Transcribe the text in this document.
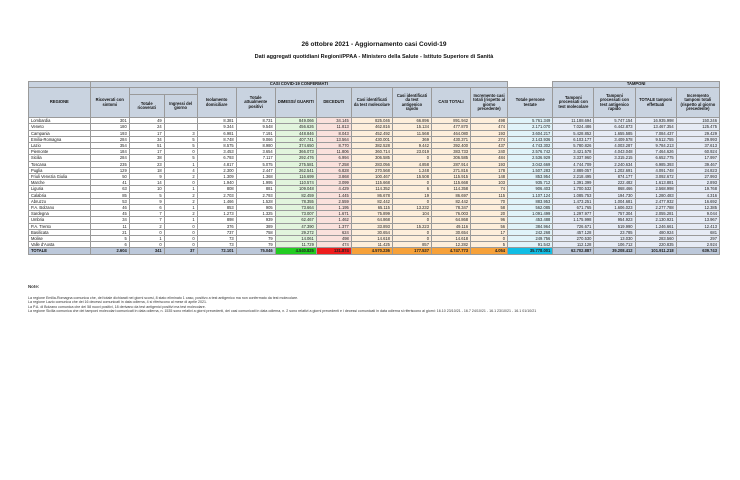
26 ottobre 2021 - Aggiornamento casi Covid-19
Dati aggregati quotidiani Regioni/PPAA - Ministero della Salute - Istituto Superiore di Sanità
	CASI COVID-19 CONFERMATI												TAMPONI			
REGIONE	Ricoverati con sintomi			Isolamento domiciliare	Totale attualmente positivi	DIMESSI/ GUARITI	DECEDUTI	Casi identificati da test molecolare	Casi identificati da test antigenico rapido	CASI TOTALI	Incremento casi totali (rispetto al giorno precedente)	Totale persone testate	Tamponi processati con test molecolare	Tamponi processati con test antigenico rapido	TOTALE tamponi effettuati	Incremento tamponi totali (rispetto al giorno precedente)
		Totale ricoverati	Ingressi del giorno													
Lombardia	301	49		8.381	8.731	849.066	34.145	825.046	66.896	891.942	498	5.761.349	11.188.694	5.747.154	16.935.998	150.246
Veneto	180	24		9.344	9.548	456.626	11.813	462.816	15.134	477.870	474	2.171.070	7.024.486	6.442.873	13.467.354	125.475
Campania	193	17	3	6.981	7.191	448.846	8.043	452.492	11.568	464.080	193	3.604.217	5.428.852	1.655.585	7.084.437	29.429
Emilia-Romagna	284	34	5	8.748	9.066	407.741	13.564	430.001	369	430.371	274	2.143.936	6.103.177	3.409.578	9.512.755	29.993
Lazio	354	51	5	8.575	8.980	374.650	8.770	382.528	9.442	392.400	437	4.743.302	5.780.826	4.003.287	9.784.213	37.613
Piemonte	184	17	0	3.453	3.654	366.073	11.806	360.714	23.019	383.733	240	2.576.742	3.421.578	4.043.048	7.464.626	60.924
Sicilia	284	38	5	6.793	7.117	292.476	6.994	306.585	0	306.585	484	2.536.929	3.337.960	3.315.215	6.652.775	17.997
Toscana	235	23	1	4.817	5.075	275.581	7.258	283.056	4.858	287.914	193	3.042.669	4.744.709	2.240.634	6.985.393	39.467
Puglia	129	18	4	2.300	2.447	262.541	6.828	270.568	1.248	271.816	178	1.507.283	2.889.057	1.202.691	4.091.748	24.823
Friuli Venezia Giulia	50	9	2	1.309	1.368	116.699	3.868	100.467	15.508	115.915	148	853.954	2.218.495	874.177	3.092.672	27.993
Marche	41	14	0	1.940	1.995	110.574	3.099	115.668	0	115.668	103	935.712	1.391.399	222.482	1.613.881	2.893
Liguria	63	10	1	808	881	109.048	4.429	114.352	6	114.358	74	906.403	1.700.532	868.466	2.568.998	19.768
Calabria	85	5	2	2.703	2.793	82.459	1.445	86.678	19	86.697	115	1.107.124	1.085.753	194.730	1.280.483	4.316
Abruzzo	53	9	2	1.466	1.528	78.355	2.559	82.442	0	82.442	70	883.953	1.473.251	1.004.681	2.477.932	16.692
P.A. Bolzano	46	6	1	853	905	73.664	1.195	65.115	13.232	78.347	58	562.085	671.765	1.606.023	2.277.788	12.385
Sardegna	45	7	2	1.273	1.325	73.007	1.671	75.899	104	76.003	20	1.091.499	1.297.977	757.304	2.055.281	9.044
Umbria	34	7	1	898	939	62.467	1.462	64.868	0	64.868	96	453.488	1.175.998	954.923	2.130.921	13.967
P.A. Trento	11	2	0	376	389	47.390	1.377	33.893	15.223	49.116	56	384.964	726.671	519.990	1.246.661	12.413
Basilicata	21	0	0	737	758	29.272	624	30.654	0	30.654	17	242.268	457.128	23.785	480.924	681
Molise	5	1	0	73	79	14.061	498	14.618	0	14.618	0	249.756	270.530	13.030	283.560	297
Valle d'Aosta	6	0	0	73	79	11.729	474	11.425	857	12.282	5	91.542	112.128	106.712	220.835	2.924
TOTALE	2.604	341	37	72.101	75.046	4.540.825	131.874	4.570.236	177.537	4.747.773	4.054	35.778.001	62.702.887	39.208.412	101.911.218	639.743
Note:

La regione Emilia-Romagna comunica che, del totale dichiarati nei giorni scorsi, 8 stato eliminato 1 caso, positivo a test antigenico ma non confermato da test molecolare.

La regione Lazio comunica che dei 16 decessi comunicati in data odierna, 4 si riferiscono al mese di aprile 2021.

La P.A. di Bolzano comunica che dei 58 nuovi positivi, 18 derivano da test antigenici positivi ma test molecolare.

La regione Sicilia comunica che dei tamponi molecolari comunicati in data odierna, n. 1535 sono relativi a giorni precedenti, dei casi comunicati in data odierna, n. 2 sono relativi a giorni precedenti e i decessi comunicati in data odierna si riferiscono ai giorni: 16.10 23/10/21 - 16.7 24/10/21 - 16.1 23/10/21 - 16.1 01/10/21
